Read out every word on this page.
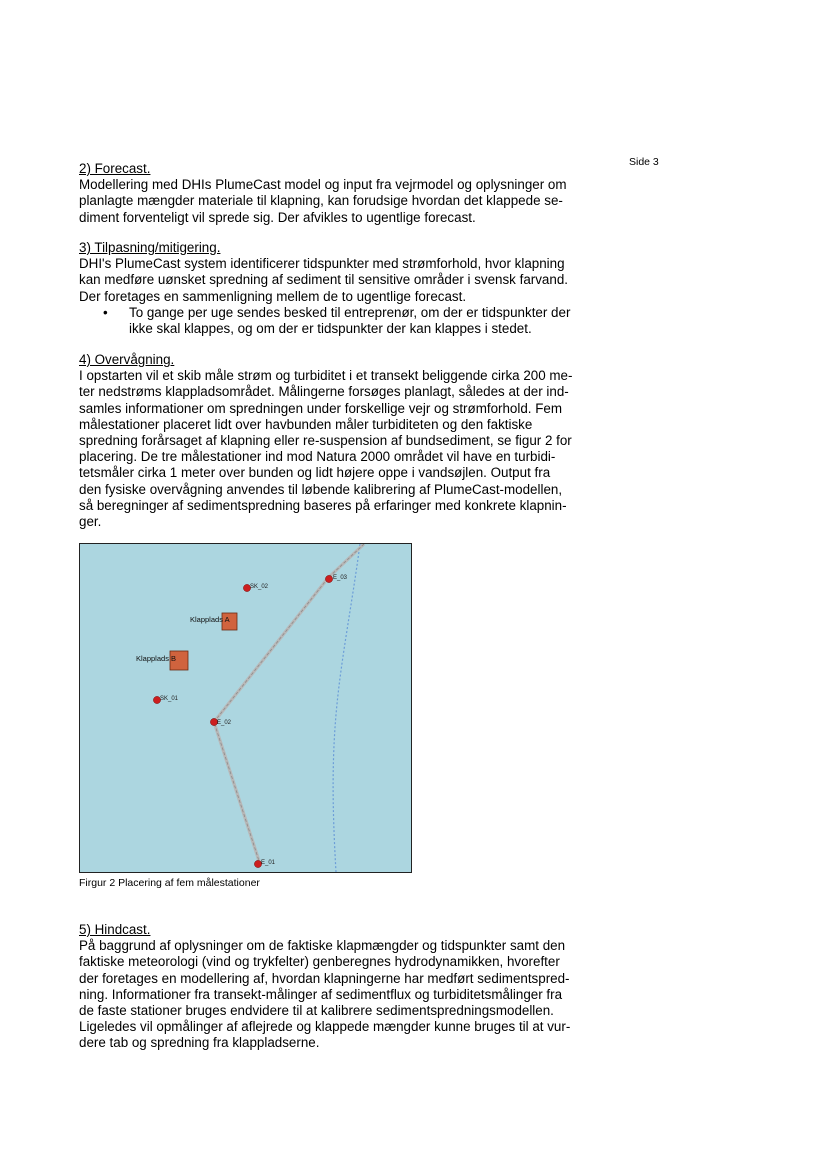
Side 3
2) Forecast.
Modellering med DHIs PlumeCast model og input fra vejrmodel og oplysninger om
planlagte mængder materiale til klapning, kan forudsige hvordan det klappede se-
diment forventeligt vil sprede sig. Der afvikles to ugentlige forecast.
3) Tilpasning/mitigering.
DHI's PlumeCast system identificerer tidspunkter med strømforhold, hvor klapning
kan medføre uønsket spredning af sediment til sensitive områder i svensk farvand.
Der foretages en sammenligning mellem de to ugentlige forecast.
• To gange per uge sendes besked til entreprenør, om der er tidspunkter der
ikke skal klappes, og om der er tidspunkter der kan klappes i stedet.
4) Overvågning.
I opstarten vil et skib måle strøm og turbiditet i et transekt beliggende cirka 200 me-
ter nedstrøms klappladsområdet. Målingerne forsøges planlagt, således at der ind-
samles informationer om spredningen under forskellige vejr og strømforhold. Fem
målestationer placeret lidt over havbunden måler turbiditeten og den faktiske
spredning forårsaget af klapning eller re-suspension af bundsediment, se figur 2 for
placering. De tre målestationer ind mod Natura 2000 området vil have en turbidi-
tetsmåler cirka 1 meter over bunden og lidt højere oppe i vandsøjlen. Output fra
den fysiske overvågning anvendes til løbende kalibrering af PlumeCast-modellen,
så beregninger af sedimentspredning baseres på erfaringer med konkrete klapnin-
ger.
Klapplads A
Klapplads B
E_03
SK_02
SK_01
E_02
E_01
Firgur 2 Placering af fem målestationer
5) Hindcast.
På baggrund af oplysninger om de faktiske klapmængder og tidspunkter samt den
faktiske meteorologi (vind og trykfelter) genberegnes hydrodynamikken, hvorefter
der foretages en modellering af, hvordan klapningerne har medført sedimentspred-
ning. Informationer fra transekt-målinger af sedimentflux og turbiditetsmålinger fra
de faste stationer bruges endvidere til at kalibrere sedimentspredningsmodellen.
Ligeledes vil opmålinger af aflejrede og klappede mængder kunne bruges til at vur-
dere tab og spredning fra klappladserne.
